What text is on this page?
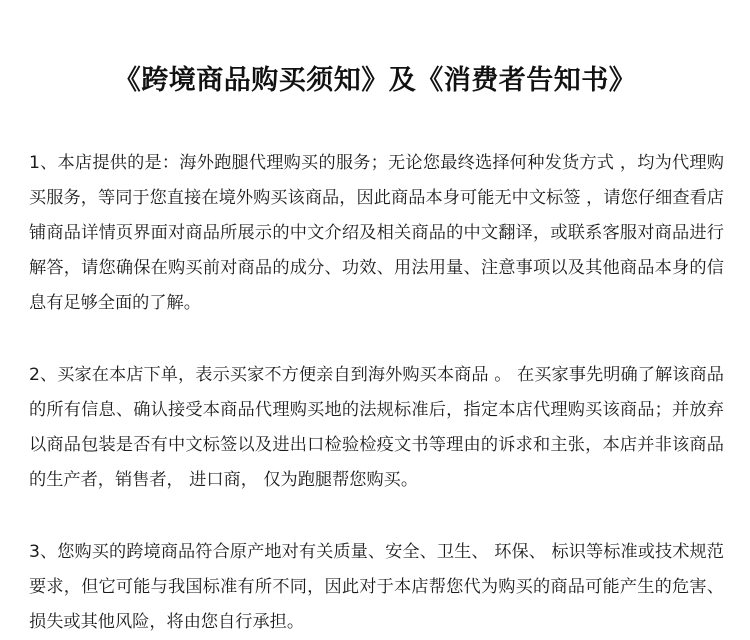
《跨境商品购买须知》及《消费者告知书》

1、本店提供的是：海外跑腿代理购买的服务；无论您最终选择何种发货方式 ，均为代理购买服务，等同于您直接在境外购买该商品，因此商品本身可能无中文标签 ，请您仔细查看店铺商品详情页界面对商品所展示的中文介绍及相关商品的中文翻译，或联系客服对商品进行解答，请您确保在购买前对商品的成分、功效、用法用量、注意事项以及其他商品本身的信息有足够全面的了解。

2、买家在本店下单，表示买家不方便亲自到海外购买本商品 。 在买家事先明确了解该商品的所有信息、确认接受本商品代理购买地的法规标准后，指定本店代理购买该商品；并放弃以商品包装是否有中文标签以及进出口检验检疫文书等理由的诉求和主张，本店并非该商品的生产者，销售者， 进口商， 仅为跑腿帮您购买。

3、您购买的跨境商品符合原产地对有关质量、安全、卫生、 环保、 标识等标准或技术规范要求，但它可能与我国标准有所不同，因此对于本店帮您代为购买的商品可能产生的危害、损失或其他风险，将由您自行承担。
